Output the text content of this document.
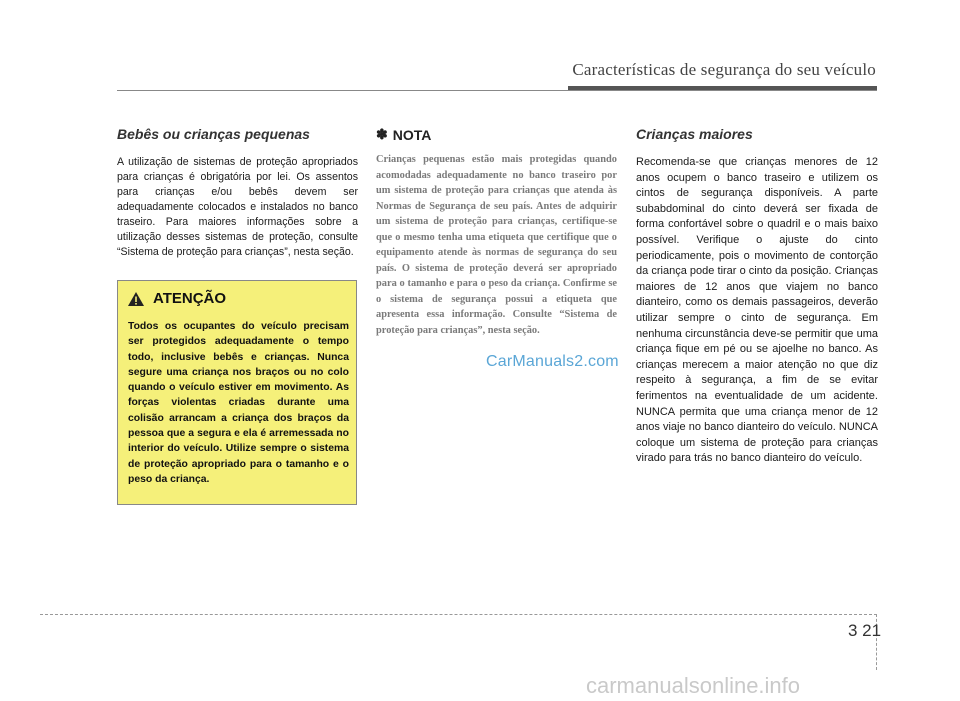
Características de segurança do seu veículo
Bebês ou crianças pequenas

A utilização de sistemas de proteção apropriados para crianças é obrigatória por lei. Os assentos para crianças e/ou bebês devem ser adequadamente colocados e instalados no banco traseiro. Para maiores informações sobre a utilização desses sistemas de proteção, consulte “Sistema de proteção para crianças”, nesta seção.

ATENÇÃO

Todos os ocupantes do veículo precisam ser protegidos adequadamente o tempo todo, inclusive bebês e crianças. Nunca segure uma criança nos braços ou no colo quando o veículo estiver em movimento. As forças violentas criadas durante uma colisão arrancam a criança dos braços da pessoa que a segura e ela é arremessada no interior do veículo. Utilize sempre o sistema de proteção apropriado para o tamanho e o peso da criança.

✽ NOTA

Crianças pequenas estão mais protegidas quando acomodadas adequadamente no banco traseiro por um sistema de proteção para crianças que atenda às Normas de Segurança de seu país. Antes de adquirir um sistema de proteção para crianças, certifique-se que o mesmo tenha uma etiqueta que certifique que o equipamento atende às normas de segurança do seu país. O sistema de proteção deverá ser apropriado para o tamanho e para o peso da criança. Confirme se o sistema de segurança possui a etiqueta que apresenta essa informação. Consulte “Sistema de proteção para crianças”, nesta seção.

CarManuals2.com
Crianças maiores

Recomenda-se que crianças menores de 12 anos ocupem o banco traseiro e utilizem os cintos de segurança disponíveis. A parte subabdominal do cinto deverá ser fixada de forma confortável sobre o quadril e o mais baixo possível. Verifique o ajuste do cinto periodicamente, pois o movimento de contorção da criança pode tirar o cinto da posição. Crianças maiores de 12 anos que viajem no banco dianteiro, como os demais passageiros, deverão utilizar sempre o cinto de segurança. Em nenhuma circunstância deve-se permitir que uma criança fique em pé ou se ajoelhe no banco. As crianças merecem a maior atenção no que diz respeito à segurança, a fim de se evitar ferimentos na eventualidade de um acidente. NUNCA permita que uma criança menor de 12 anos viaje no banco dianteiro do veículo. NUNCA coloque um sistema de proteção para crianças virado para trás no banco dianteiro do veículo.

3 21
carmanualsonline.info
